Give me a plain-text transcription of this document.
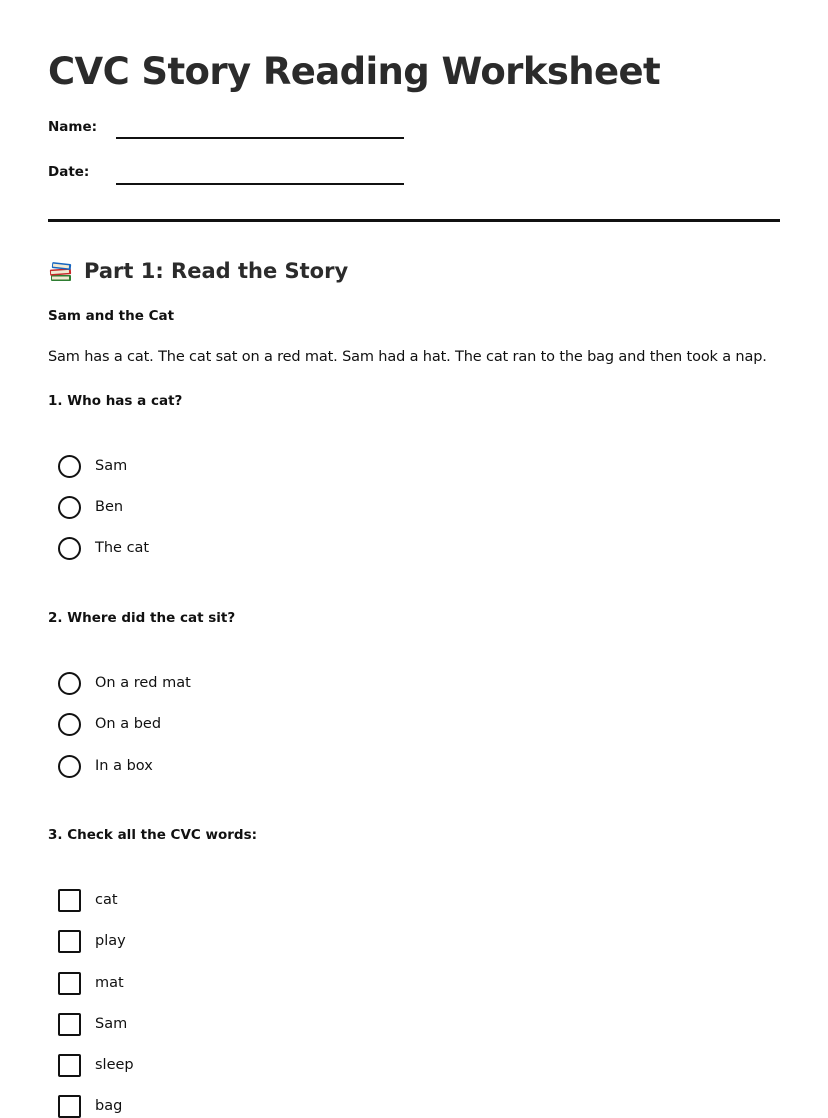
CVC Story Reading Worksheet
Name:
Date:
Part 1: Read the Story
Sam and the Cat
Sam has a cat. The cat sat on a red mat. Sam had a hat. The cat ran to the bag and then took a nap.
1. Who has a cat?
Sam
Ben
The cat
2. Where did the cat sit?
On a red mat
On a bed
In a box
3. Check all the CVC words:
cat
play
mat
Sam
sleep
bag
